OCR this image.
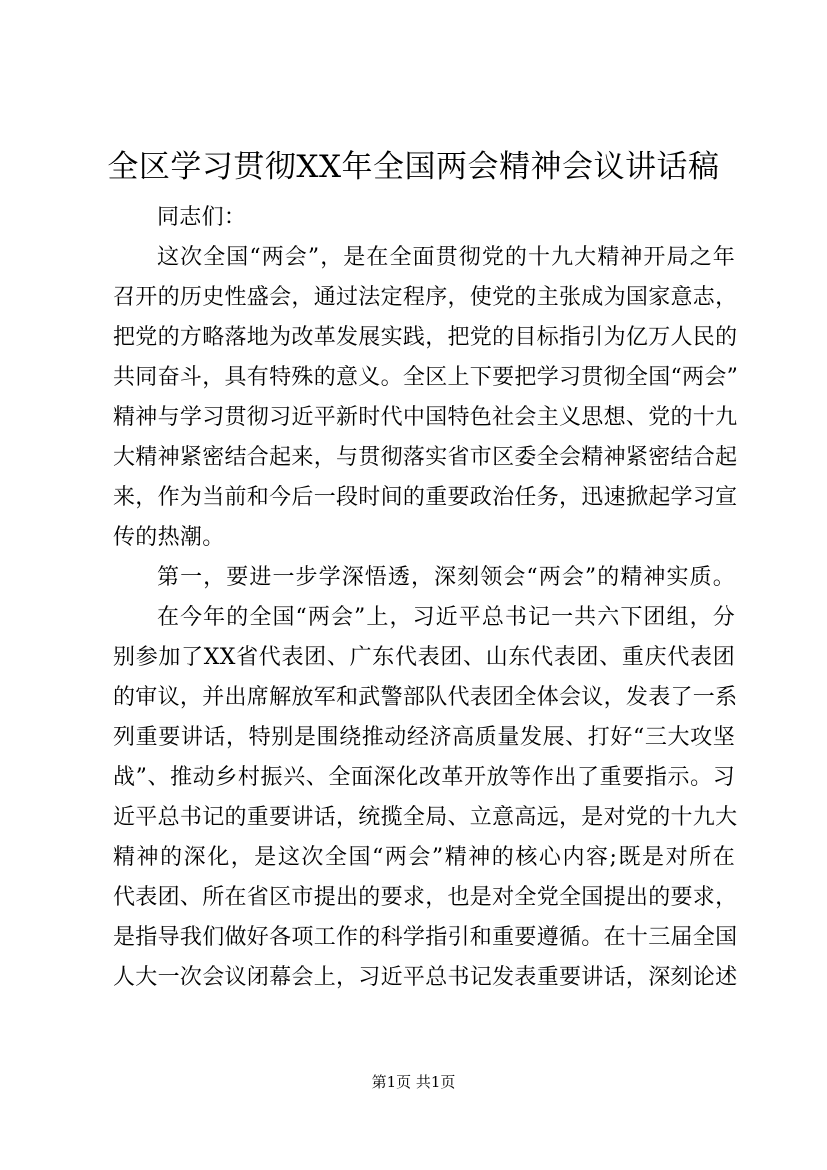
全区学习贯彻XX年全国两会精神会议讲话稿
同志们：
这次全国“两会”，是在全面贯彻党的十九大精神开局之年
召开的历史性盛会，通过法定程序，使党的主张成为国家意志，
把党的方略落地为改革发展实践，把党的目标指引为亿万人民的
共同奋斗，具有特殊的意义。全区上下要把学习贯彻全国“两会”
精神与学习贯彻习近平新时代中国特色社会主义思想、党的十九
大精神紧密结合起来，与贯彻落实省市区委全会精神紧密结合起
来，作为当前和今后一段时间的重要政治任务，迅速掀起学习宣
传的热潮。
第一，要进一步学深悟透，深刻领会“两会”的精神实质。
在今年的全国“两会”上，习近平总书记一共六下团组，分
别参加了XX省代表团、广东代表团、山东代表团、重庆代表团
的审议，并出席解放军和武警部队代表团全体会议，发表了一系
列重要讲话，特别是围绕推动经济高质量发展、打好“三大攻坚
战”、推动乡村振兴、全面深化改革开放等作出了重要指示。习
近平总书记的重要讲话，统揽全局、立意高远，是对党的十九大
精神的深化，是这次全国“两会”精神的核心内容;既是对所在
代表团、所在省区市提出的要求，也是对全党全国提出的要求，
是指导我们做好各项工作的科学指引和重要遵循。在十三届全国
人大一次会议闭幕会上，习近平总书记发表重要讲话，深刻论述
第1页 共1页
